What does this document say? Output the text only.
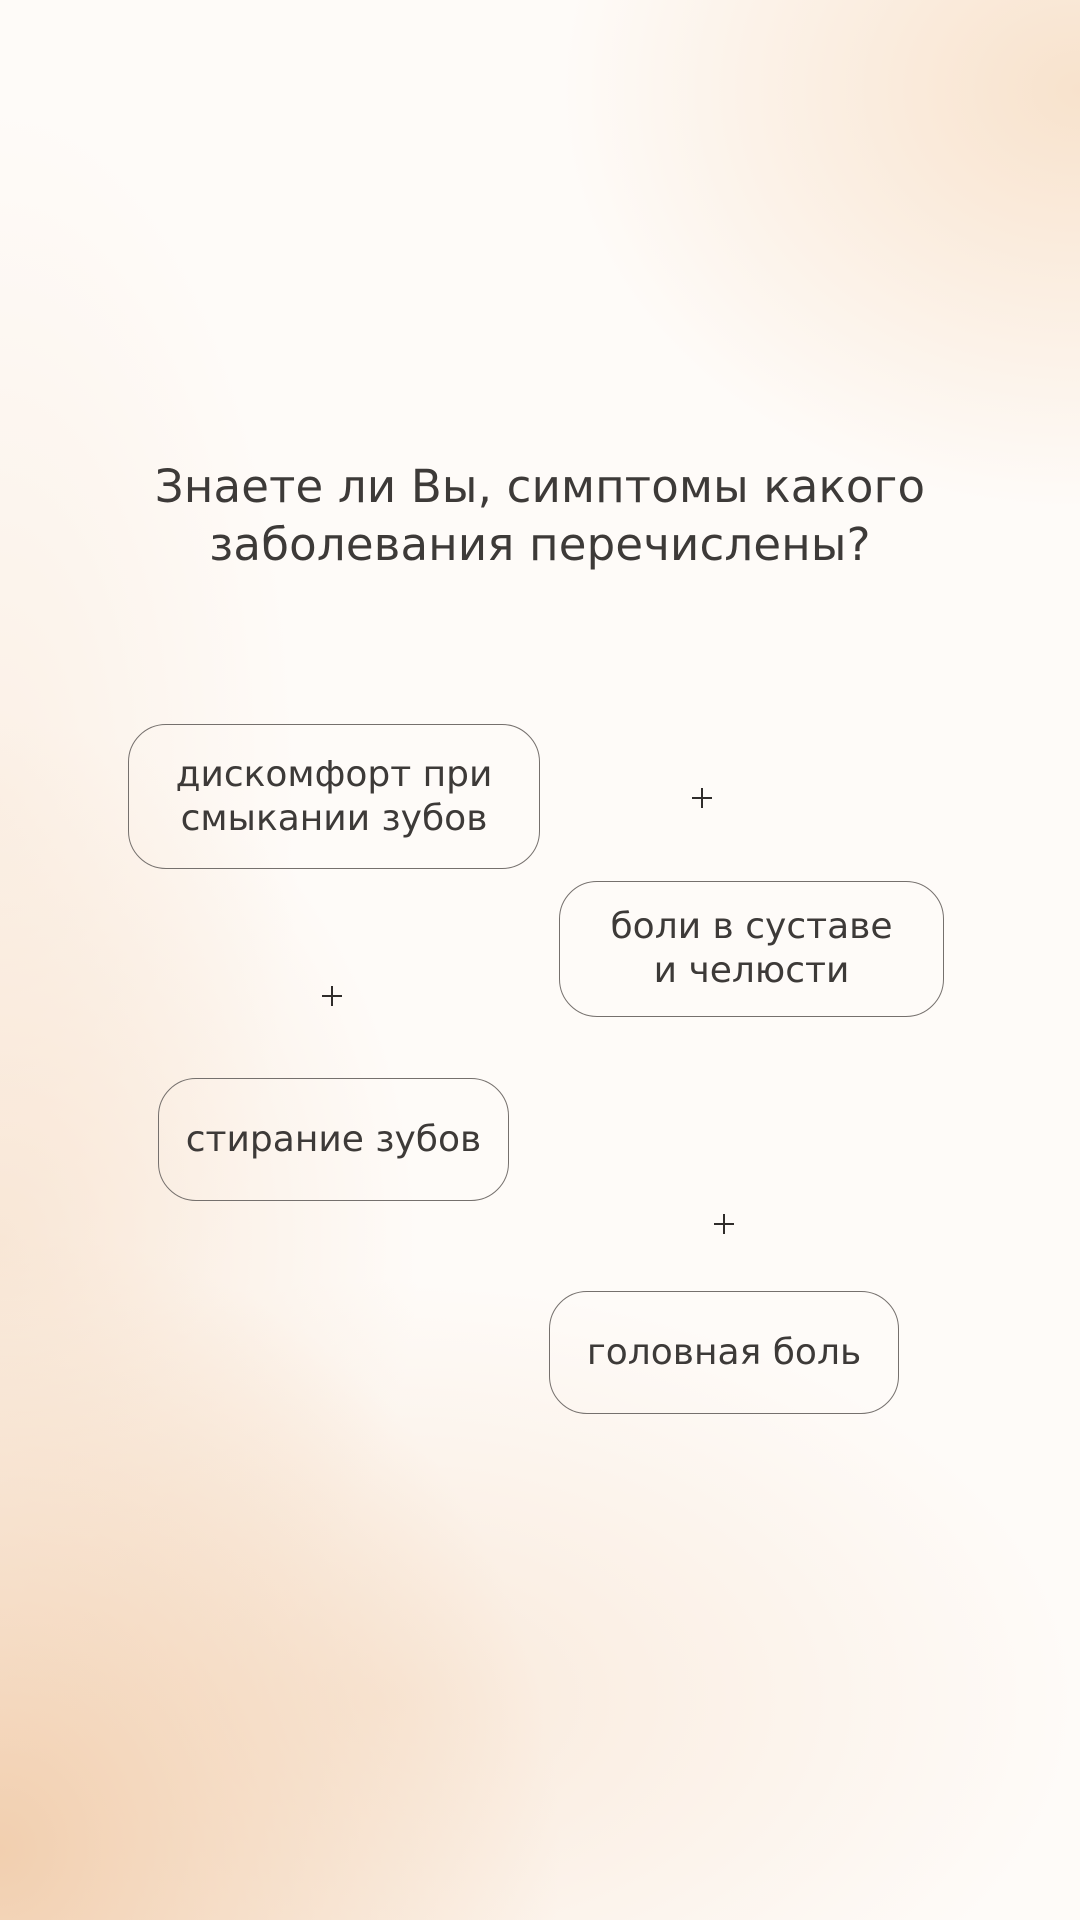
Знаете ли Вы, симптомы какого
заболевания перечислены?
дискомфорт при
смыкании зубов
боли в суставе
и челюсти
стирание зубов
головная боль
